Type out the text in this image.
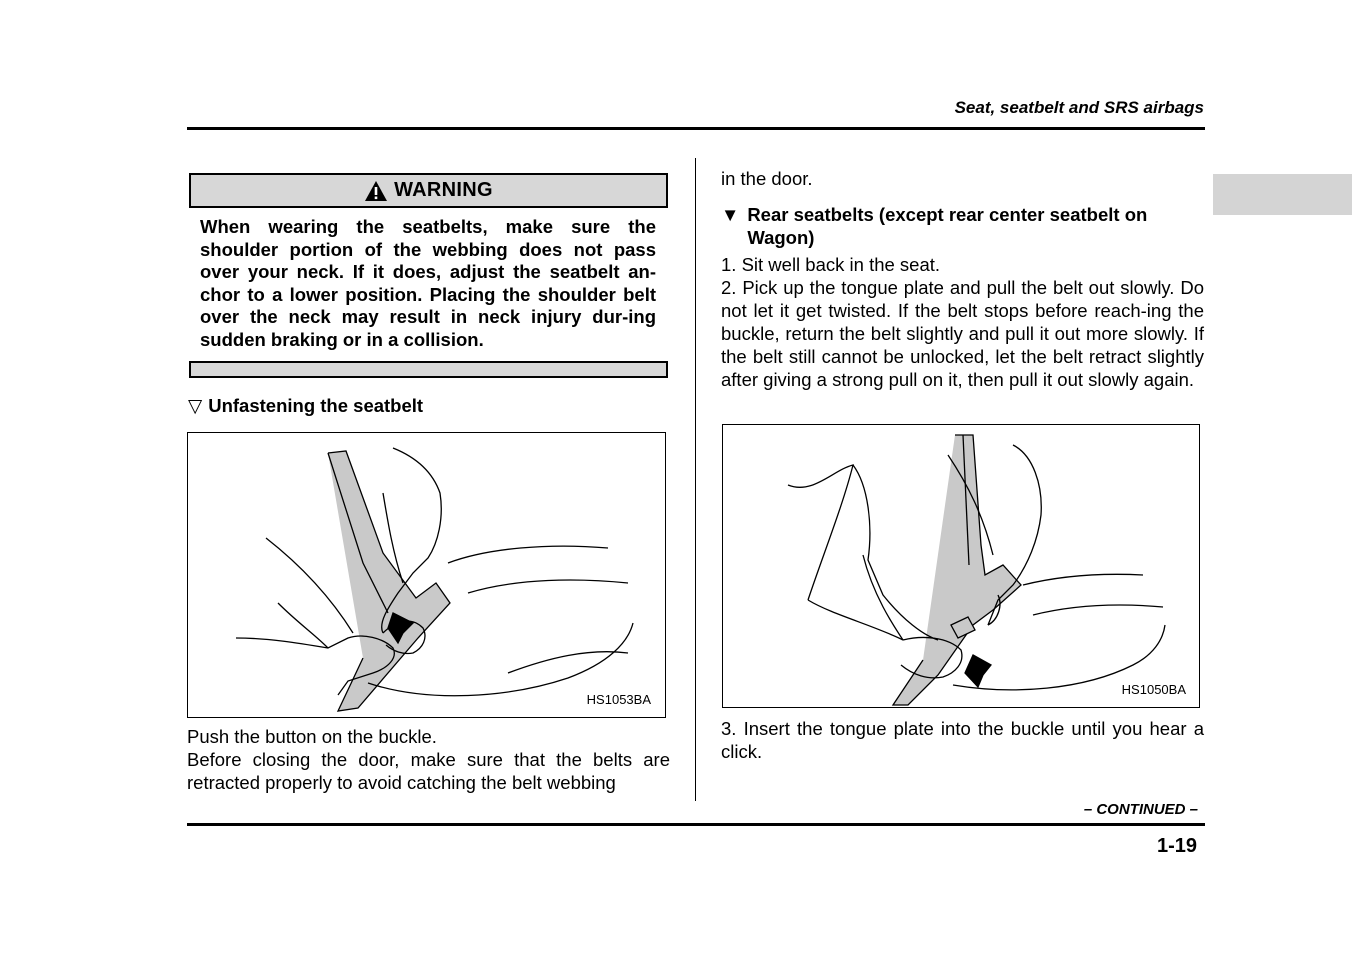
Seat, seatbelt and SRS airbags
WARNING
When wearing the seatbelts, make sure the shoulder portion of the webbing does not pass over your neck. If it does, adjust the seatbelt an-chor to a lower position. Placing the shoulder belt over the neck may result in neck injury dur-ing sudden braking or in a collision.
▽ Unfastening the seatbelt
HS1053BA
Push the button on the buckle.
Before closing the door, make sure that the belts are retracted properly to avoid catching the belt webbing
in the door.
▼ Rear seatbelts (except rear center seatbelt on Wagon)
1. Sit well back in the seat.
2. Pick up the tongue plate and pull the belt out slowly. Do not let it get twisted. If the belt stops before reach-ing the buckle, return the belt slightly and pull it out more slowly. If the belt still cannot be unlocked, let the belt retract slightly after giving a strong pull on it, then pull it out slowly again.
HS1050BA
3. Insert the tongue plate into the buckle until you hear a click.
– CONTINUED –
1-19
